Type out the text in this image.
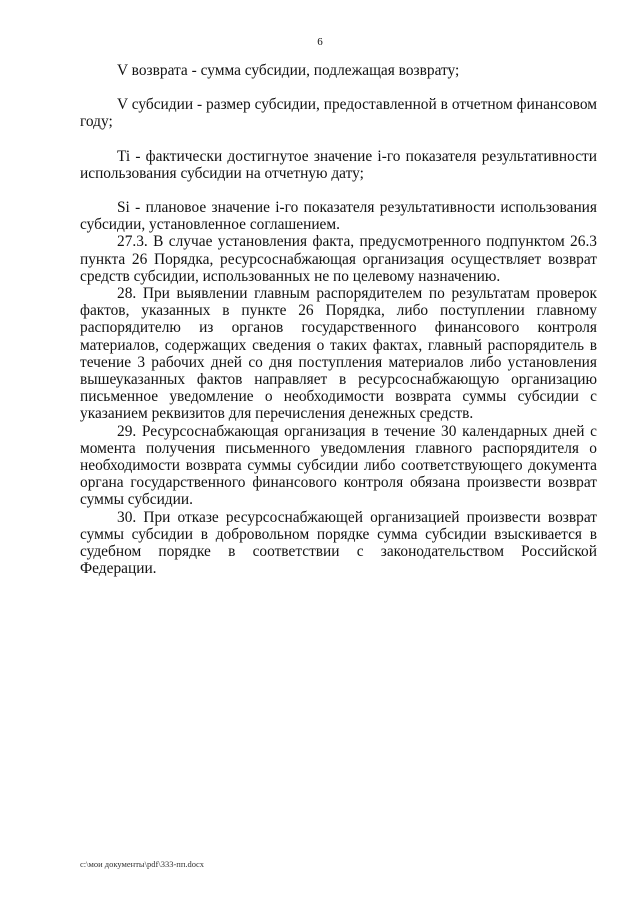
6

V возврата - сумма субсидии, подлежащая возврату;

V субсидии - размер субсидии, предоставленной в отчетном финансовом году;

Ti - фактически достигнутое значение i-го показателя результативности использования субсидии на отчетную дату;

Si - плановое значение i-го показателя результативности использования субсидии, установленное соглашением.

27.3. В случае установления факта, предусмотренного подпунктом 26.3 пункта 26 Порядка, ресурсоснабжающая организация осуществляет возврат средств субсидии, использованных не по целевому назначению.

28. При выявлении главным распорядителем по результатам проверок фактов, указанных в пункте 26 Порядка, либо поступлении главному распорядителю из органов государственного финансового контроля материалов, содержащих сведения о таких фактах, главный распорядитель в течение 3 рабочих дней со дня поступления материалов либо установления вышеуказанных фактов направляет в ресурсоснабжающую организацию письменное уведомление о необходимости возврата суммы субсидии с указанием реквизитов для перечисления денежных средств.

29. Ресурсоснабжающая организация в течение 30 календарных дней с момента получения письменного уведомления главного распорядителя о необходимости возврата суммы субсидии либо соответствующего документа органа государственного финансового контроля обязана произвести возврат суммы субсидии.

30. При отказе ресурсоснабжающей организацией произвести возврат суммы субсидии в добровольном порядке сумма субсидии взыскивается в судебном порядке в соответствии с законодательством Российской Федерации.

c:\мои документы\pdf\333-пп.docx
